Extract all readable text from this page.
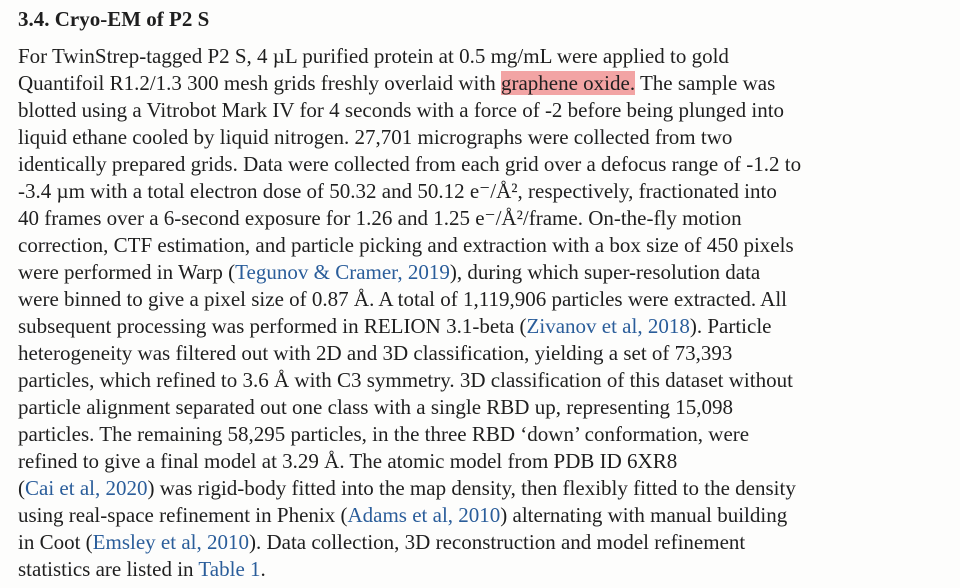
3.4. Cryo-EM of P2 S
For TwinStrep-tagged P2 S, 4 µL purified protein at 0.5 mg/mL were applied to gold
Quantifoil R1.2/1.3 300 mesh grids freshly overlaid with graphene oxide. The sample was
blotted using a Vitrobot Mark IV for 4 seconds with a force of -2 before being plunged into
liquid ethane cooled by liquid nitrogen. 27,701 micrographs were collected from two
identically prepared grids. Data were collected from each grid over a defocus range of -1.2 to
-3.4 µm with a total electron dose of 50.32 and 50.12 e⁻/Å², respectively, fractionated into
40 frames over a 6-second exposure for 1.26 and 1.25 e⁻/Å²/frame. On-the-fly motion
correction, CTF estimation, and particle picking and extraction with a box size of 450 pixels
were performed in Warp (Tegunov & Cramer, 2019), during which super-resolution data
were binned to give a pixel size of 0.87 Å. A total of 1,119,906 particles were extracted. All
subsequent processing was performed in RELION 3.1-beta (Zivanov et al, 2018). Particle
heterogeneity was filtered out with 2D and 3D classification, yielding a set of 73,393
particles, which refined to 3.6 Å with C3 symmetry. 3D classification of this dataset without
particle alignment separated out one class with a single RBD up, representing 15,098
particles. The remaining 58,295 particles, in the three RBD ‘down’ conformation, were
refined to give a final model at 3.29 Å. The atomic model from PDB ID 6XR8
(Cai et al, 2020) was rigid-body fitted into the map density, then flexibly fitted to the density
using real-space refinement in Phenix (Adams et al, 2010) alternating with manual building
in Coot (Emsley et al, 2010). Data collection, 3D reconstruction and model refinement
statistics are listed in Table 1.
